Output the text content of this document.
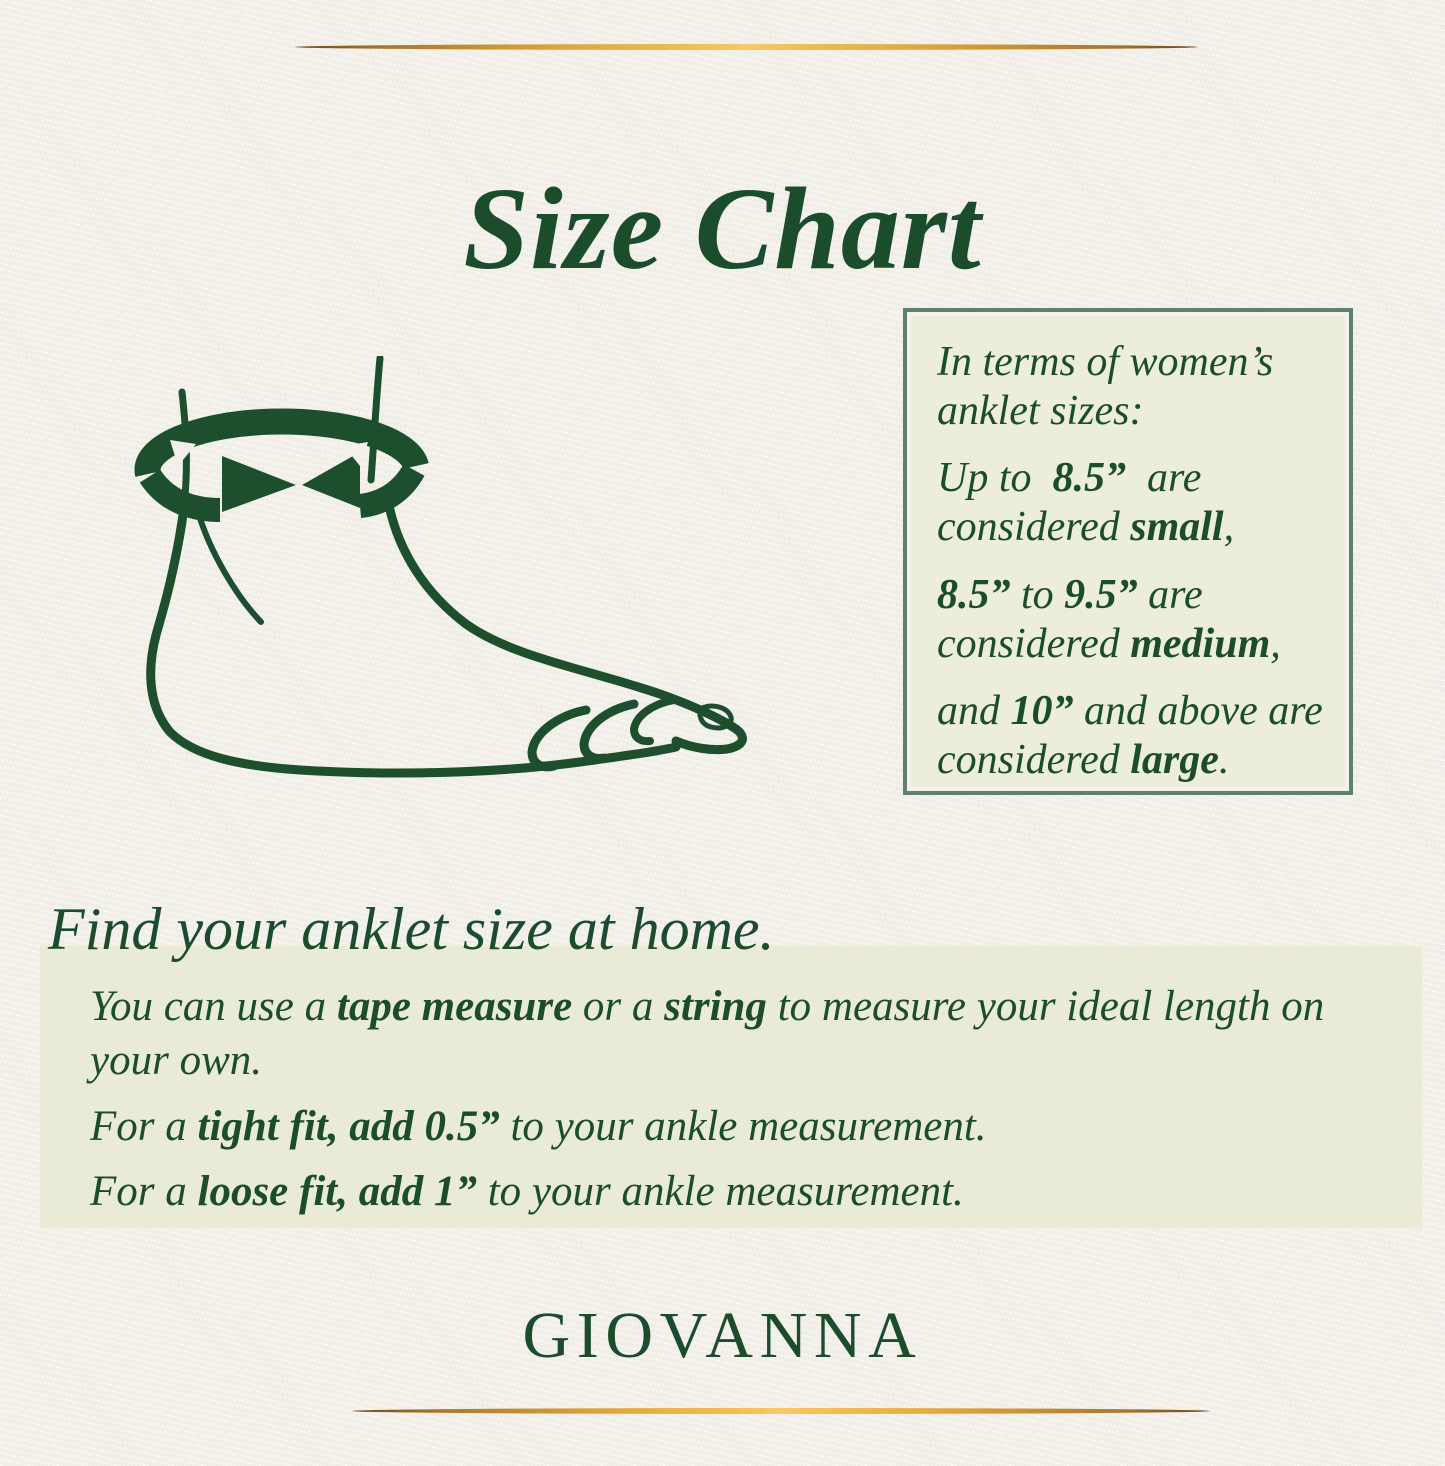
Size Chart

In terms of women’s anklet sizes:

Up to  8.5”  are considered small,

8.5” to 9.5” are considered medium,

and 10” and above are considered large.

Find your anklet size at home.

You can use a tape measure or a string to measure your ideal length on your own.

For a tight fit, add 0.5” to your ankle measurement.

For a loose fit, add 1” to your ankle measurement.

GIOVANNA
